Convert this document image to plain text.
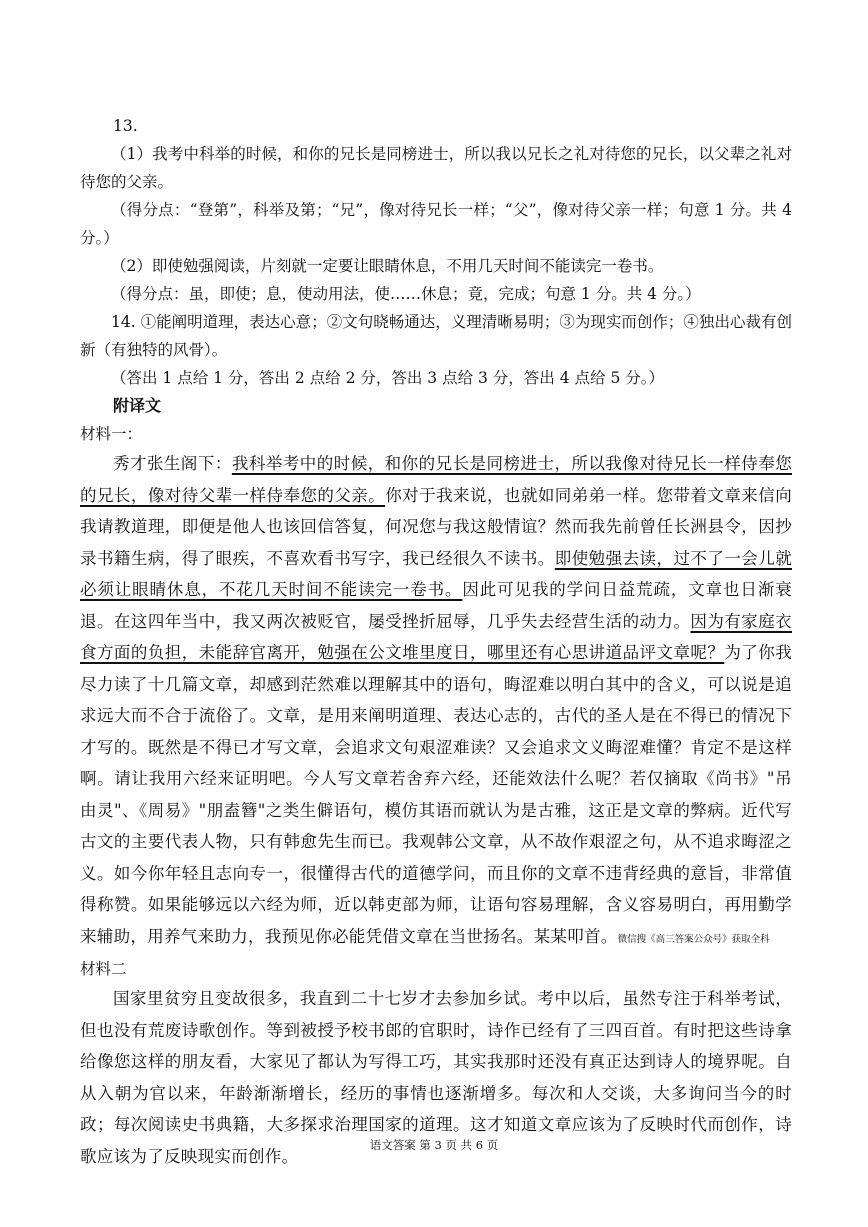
13.

（1）我考中科举的时候，和你的兄长是同榜进士，所以我以兄长之礼对待您的兄长，以父辈之礼对待您的父亲。

（得分点：“登第”，科举及第；“兄”，像对待兄长一样；“父”，像对待父亲一样；句意 1 分。共 4 分。）

（2）即使勉强阅读，片刻就一定要让眼睛休息，不用几天时间不能读完一卷书。

（得分点：虽，即使；息，使动用法，使……休息；竟，完成；句意 1 分。共 4 分。）

14. ①能阐明道理，表达心意；②文句晓畅通达，义理清晰易明；③为现实而创作；④独出心裁有创新（有独特的风骨）。

（答出 1 点给 1 分，答出 2 点给 2 分，答出 3 点给 3 分，答出 4 点给 5 分。）

附译文

材料一：

秀才张生阁下：我科举考中的时候，和你的兄长是同榜进士，所以我像对待兄长一样侍奉您的兄长，像对待父辈一样侍奉您的父亲。你对于我来说，也就如同弟弟一样。您带着文章来信向我请教道理，即便是他人也该回信答复，何况您与我这般情谊？然而我先前曾任长洲县令，因抄录书籍生病，得了眼疾，不喜欢看书写字，我已经很久不读书。即使勉强去读，过不了一会儿就必须让眼睛休息，不花几天时间不能读完一卷书。因此可见我的学问日益荒疏，文章也日渐衰退。在这四年当中，我又两次被贬官，屡受挫折屈辱，几乎失去经营生活的动力。因为有家庭衣食方面的负担，未能辞官离开，勉强在公文堆里度日，哪里还有心思讲道品评文章呢？为了你我尽力读了十几篇文章，却感到茫然难以理解其中的语句，晦涩难以明白其中的含义，可以说是追求远大而不合于流俗了。文章，是用来阐明道理、表达心志的，古代的圣人是在不得已的情况下才写的。既然是不得已才写文章，会追求文句艰涩难读？又会追求文义晦涩难懂？肯定不是这样啊。请让我用六经来证明吧。今人写文章若舍弃六经，还能效法什么呢？若仅摘取《尚书》"吊由灵"、《周易》"朋盍簪"之类生僻语句，模仿其语而就认为是古雅，这正是文章的弊病。近代写古文的主要代表人物，只有韩愈先生而已。我观韩公文章，从不故作艰涩之句，从不追求晦涩之义。如今你年轻且志向专一，很懂得古代的道德学问，而且你的文章不违背经典的意旨，非常值得称赞。如果能够远以六经为师，近以韩吏部为师，让语句容易理解，含义容易明白，再用勤学来辅助，用养气来助力，我预见你必能凭借文章在当世扬名。某某叩首。微信搜《高三答案公众号》获取全科

材料二

国家里贫穷且变故很多，我直到二十七岁才去参加乡试。考中以后，虽然专注于科举考试，但也没有荒废诗歌创作。等到被授予校书郎的官职时，诗作已经有了三四百首。有时把这些诗拿给像您这样的朋友看，大家见了都认为写得工巧，其实我那时还没有真正达到诗人的境界呢。自从入朝为官以来，年龄渐渐增长，经历的事情也逐渐增多。每次和人交谈，大多询问当今的时政；每次阅读史书典籍，大多探求治理国家的道理。这才知道文章应该为了反映时代而创作，诗歌应该为了反映现实而创作。

语文答案 第 3 页 共 6 页
